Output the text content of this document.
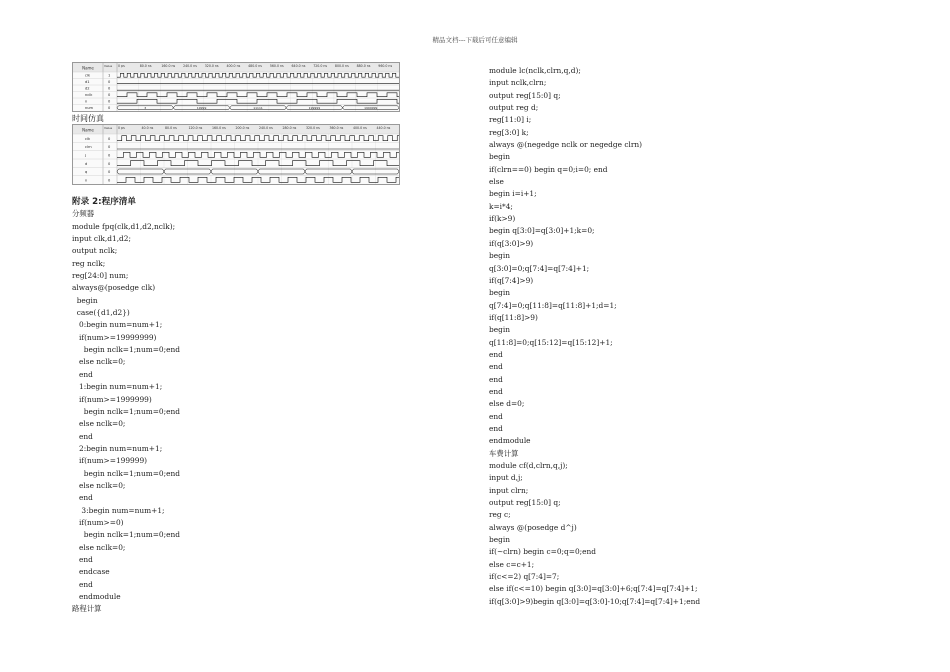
精品文档---下载后可任意编辑
Name	Value 0 ps	80.0 ns	160.0 ns 240.0 ns 320.0 ns 400.0 ns 480.0 ns 560.0 ns 640.0 ns 720.0 ns 800.0 ns 880.0 ns 960.0 ns
clk	1
d1	0
d2	0
nclk	0
n	0
num	0	3	19999	11111	199999	1999999
时间仿真
Name	Value 0 ps	40.0 ns	80.0 ns	120.0 ns	160.0 ns	200.0 ns	240.0 ns	280.0 ns	320.0 ns	360.0 ns	400.0 ns	440.0 ns
clk	0
clrn	0
j	0
d	0
q	0
n	0
附录 2:程序清单
分频器
module fpq(clk,d1,d2,nclk);
input clk,d1,d2;
output nclk;
reg nclk;
reg[24:0] num;
always@(posedge clk)
begin
case({d1,d2})
0:begin num=num+1;
if(num>=19999999)
begin nclk=1;num=0;end
else nclk=0;
end
1:begin num=num+1;
if(num>=1999999)
begin nclk=1;num=0;end
else nclk=0;
end
2:begin num=num+1;
if(num>=199999)
begin nclk=1;num=0;end
else nclk=0;
end
3:begin num=num+1;
if(num>=0)
begin nclk=1;num=0;end
else nclk=0;
end
endcase
end
endmodule
路程计算
module lc(nclk,clrn,q,d);
input nclk,clrn;
output reg[15:0] q;
output reg d;
reg[11:0] i;
reg[3:0] k;
always @(negedge nclk or negedge clrn)
begin
if(clrn==0) begin q=0;i=0; end
else
begin i=i+1;
k=i*4;
if(k>9)
begin q[3:0]=q[3:0]+1;k=0;
if(q[3:0]>9)
begin
q[3:0]=0;q[7:4]=q[7:4]+1;
if(q[7:4]>9)
begin
q[7:4]=0;q[11:8]=q[11:8]+1;d=1;
if(q[11:8]>9)
begin
q[11:8]=0;q[15:12]=q[15:12]+1;
end
end
end
end
else d=0;
end
end
endmodule
车费计算
module cf(d,clrn,q,j);
input d,j;
input clrn;
output reg[15:0] q;
reg c;
always @(posedge d^j)
begin
if(~clrn) begin c=0;q=0;end
else c=c+1;
if(c<=2) q[7:4]=7;
else if(c<=10) begin q[3:0]=q[3:0]+6;q[7:4]=q[7:4]+1;
if(q[3:0]>9)begin q[3:0]=q[3:0]-10;q[7:4]=q[7:4]+1;end
